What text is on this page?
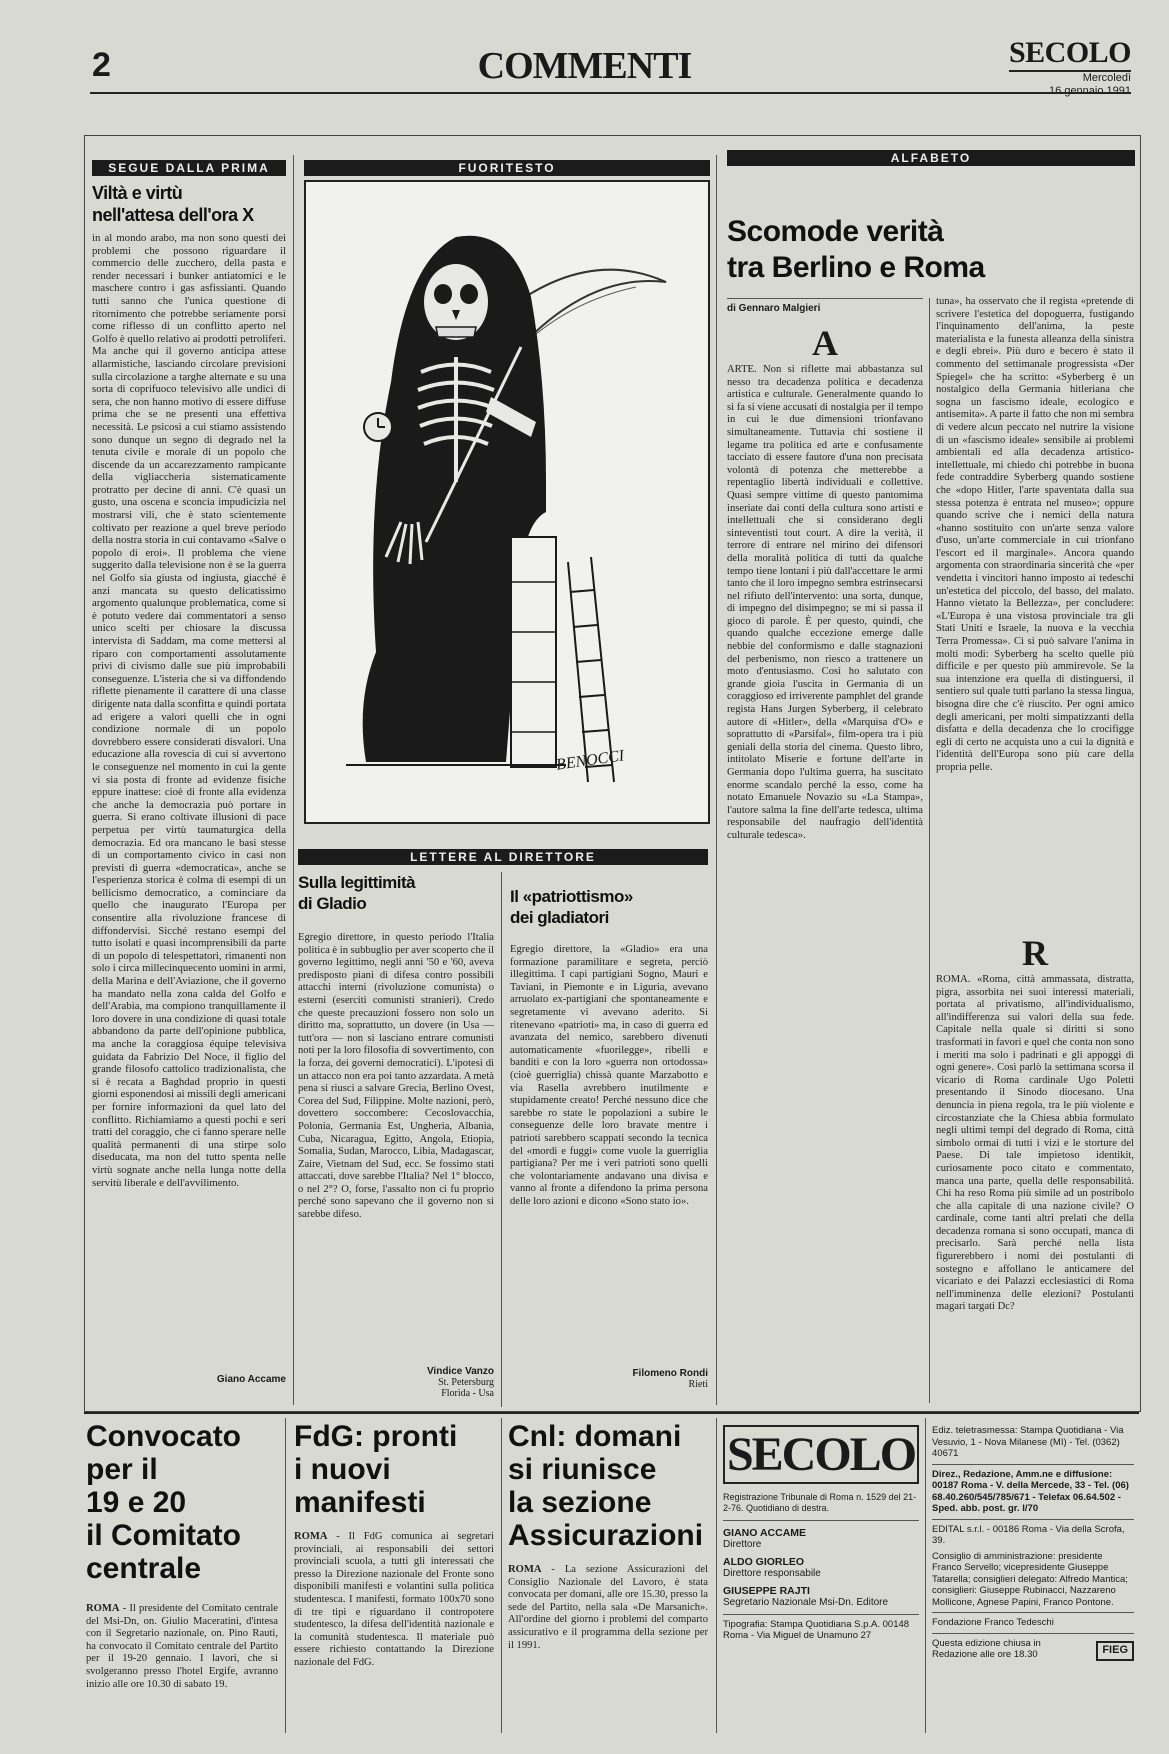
2	COMMENTI	SECOLO
Mercoledì
16 gennaio 1991
SEGUE DALLA PRIMA
Viltà e virtù
nell'attesa dell'ora X
in al mondo arabo, ma non sono questi dei problemi che possono riguardare il commercio delle zucchero, della pasta e render necessari i bunker antiatomici e le maschere contro i gas asfissianti. Quando tutti sanno che l'unica questione di ritornimento che potrebbe seriamente porsi come riflesso di un conflitto aperto nel Golfo è quello relativo ai prodotti petroliferi. Ma anche qui il governo anticipa attese allarmistiche, lasciando circolare previsioni sulla circolazione a targhe alternate e su una sorta di coprifuoco televisivo alle undici di sera, che non hanno motivo di essere diffuse prima che se ne presenti una effettiva necessità. Le psicosi a cui stiamo assistendo sono dunque un segno di degrado nel la tenuta civile e morale di un popolo che discende da un accarezzamento rampicante della vigliaccheria sistematicamente protratto per decine di anni. C'è quasi un gusto, una oscena e sconcia impudicizia nel mostrarsi vili, che è stato scientemente coltivato per reazione a quel breve periodo della nostra storia in cui contavamo «Salve o popolo di eroi». Il problema che viene suggerito dalla televisione non è se la guerra nel Golfo sia giusta od ingiusta, giacché è anzi mancata su questo delicatissimo argomento qualunque problematica, come si è potuto vedere dai commentatori a senso unico scelti per chiosare la discussa intervista di Saddam, ma come mettersi al riparo con comportamenti assolutamente privi di civismo dalle sue più improbabili conseguenze. L'isteria che si va diffondendo riflette pienamente il carattere di una classe dirigente nata dalla sconfitta e quindi portata ad erigere a valori quelli che in ogni condizione normale di un popolo dovrebbero essere considerati disvalori. Una educazione alla rovescia di cui si avvertono le conseguenze nel momento in cui la gente vi sia posta di fronte ad evidenze fisiche eppure inattese: cioè di fronte alla evidenza che anche la democrazia può portare in guerra. Si erano coltivate illusioni di pace perpetua per virtù taumaturgica della democrazia. Ed ora mancano le basi stesse di un comportamento civico in casi non previsti di guerra «democratica», anche se l'esperienza storica è colma di esempi di un bellicismo democratico, a cominciare da quello che inaugurato l'Europa per consentire alla rivoluzione francese di diffondervisi. Sicché restano esempi del tutto isolati e quasi incomprensibili da parte di un popolo di telespettatori, rimanenti non solo i circa millecinquecento uomini in armi, della Marina e dell'Aviazione, che il governo ha mandato nella zona calda del Golfo e dell'Arabia, ma compiono tranquillamente il loro dovere in una condizione di quasi totale abbandono da parte dell'opinione pubblica, ma anche la coraggiosa équipe televisiva guidata da Fabrizio Del Noce, il figlio del grande filosofo cattolico tradizionalista, che si è recata a Baghdad proprio in questi giorni esponendosi ai missili degli americani per fornire informazioni da quel lato del conflitto. Richiamiamo a questi pochi e seri tratti del coraggio, che ci fanno sperare nelle qualità permanenti di una stirpe solo diseducata, ma non del tutto spenta nelle virtù sognate anche nella lunga notte della servitù liberale e dell'avvilimento.
Giano Accame
FUORITESTO
BENOCCI
LETTERE AL DIRETTORE
Sulla legittimità
di Gladio
Egregio direttore, in questo periodo l'Italia politica è in subbuglio per aver scoperto che il governo legittimo, negli anni '50 e '60, aveva predisposto piani di difesa contro possibili attacchi interni (rivoluzione comunista) o esterni (eserciti comunisti stranieri). Credo che queste precauzioni fossero non solo un diritto ma, soprattutto, un dovere (in Usa — tutt'ora — non si lasciano entrare comunisti noti per la loro filosofia di sovvertimento, con la forza, dei governi democratici). L'ipotesi di un attacco non era poi tanto azzardata. A metà pena si riuscì a salvare Grecia, Berlino Ovest, Corea del Sud, Filippine. Molte nazioni, però, dovettero soccombere: Cecoslovacchia, Polonia, Germania Est, Ungheria, Albania, Cuba, Nicaragua, Egitto, Angola, Etiopia, Somalia, Sudan, Marocco, Libia, Madagascar, Zaire, Vietnam del Sud, ecc. Se fossimo stati attaccati, dove sarebbe l'Italia? Nel 1° blocco, o nel 2°? O, forse, l'assalto non ci fu proprio perché sono sapevano che il governo non si sarebbe difeso.
Vindice Vanzo
St. Petersburg
Florida - Usa
Il «patriottismo»
dei gladiatori
Egregio direttore, la «Gladio» era una formazione paramilitare e segreta, perciò illegittima. I capi partigiani Sogno, Mauri e Taviani, in Piemonte e in Liguria, avevano arruolato ex-partigiani che spontaneamente e segretamente vi avevano aderito. Si ritenevano «patrioti» ma, in caso di guerra ed avanzata del nemico, sarebbero divenuti automaticamente «fuorilegge», ribelli e banditi e con la loro «guerra non ortodossa» (cioè guerriglia) chissà quante Marzabotto e via Rasella avrebbero inutilmente e stupidamente creato! Perché nessuno dice che sarebbe ro state le popolazioni a subire le conseguenze delle loro bravate mentre i patrioti sarebbero scappati secondo la tecnica del «mordi e fuggi» come vuole la guerriglia partigiana? Per me i veri patrioti sono quelli che volontariamente andavano una divisa e vanno al fronte a difendono la prima persona delle loro azioni e dicono «Sono stato io».
Filomeno Rondi
Rieti
ALFABETO
Scomode verità
tra Berlino e Roma
di Gennaro Malgieri
A
ARTE. Non si riflette mai abbastanza sul nesso tra decadenza politica e decadenza artistica e culturale. Generalmente quando lo si fa si viene accusati di nostalgia per il tempo in cui le due dimensioni trionfavano simultaneamente. Tuttavia chi sostiene il legame tra politica ed arte e confusamente tacciato di essere fautore d'una non precisata volontà di potenza che metterebbe a repentaglio libertà individuali e collettive. Quasi sempre vittime di questo pantomima inseriate dai conti della cultura sono artisti e intellettuali che si considerano degli sinteventisti tout court. A dire la verità, il terrore di entrare nel mirino dei difensori della moralità politica di tutti da qualche tempo tiene lontani i più dall'accettare le armi tanto che il loro impegno sembra estrinsecarsi nel rifiuto dell'intervento: una sorta, dunque, di impegno del disimpegno; se mi si passa il gioco di parole. È per questo, quindi, che quando qualche eccezione emerge dalle nebbie del conformismo e dalle stagnazioni del perbenismo, non riesco a trattenere un moto d'entusiasmo. Così ho salutato con grande gioia l'uscita in Germania di un coraggioso ed irriverente pamphlet del grande regista Hans Jurgen Syberberg, il celebrato autore di «Hitler», della «Marquisa d'O» e soprattutto di «Parsifal», film-opera tra i più geniali della storia del cinema. Questo libro, intitolato Miserie e fortune dell'arte in Germania dopo l'ultima guerra, ha suscitato enorme scandalo perché la esso, come ha notato Emanuele Novazio su «La Stampa», l'autore salma la fine dell'arte tedesca, ultima responsabile del naufragio dell'identità culturale tedesca».
tuna», ha osservato che il regista «pretende di scrivere l'estetica del dopoguerra, fustigando l'inquinamento dell'anima, la peste materialista e la funesta alleanza della sinistra e degli ebrei». Più duro e becero è stato il commento del settimanale progressista «Der Spiegel» che ha scritto: «Syberberg è un nostalgico della Germania hitleriana che sogna un fascismo ideale, ecologico e antisemita». A parte il fatto che non mi sembra di vedere alcun peccato nel nutrire la visione di un «fascismo ideale» sensibile ai problemi ambientali ed alla decadenza artistico-intellettuale, mi chiedo chi potrebbe in buona fede contraddire Syberberg quando sostiene che «dopo Hitler, l'arte spaventata dalla sua stessa potenza è entrata nel museo»; oppure quando scrive che i nemici della natura «hanno sostituito con un'arte senza valore d'uso, un'arte commerciale in cui trionfano l'escort ed il marginale». Ancora quando argomenta con straordinaria sincerità che «per vendetta i vincitori hanno imposto ai tedeschi un'estetica del piccolo, del basso, del malato. Hanno vietato la Bellezza», per concludere: «L'Europa è una vistosa provinciale tra gli Stati Uniti e Israele, la nuova e la vecchia Terra Promessa». Ci si può salvare l'anima in molti modi: Syberberg ha scelto quelle più difficile e per questo più ammirevole. Se la sua intenzione era quella di distinguersi, il sentiero sul quale tutti parlano la stessa lingua, bisogna dire che c'è riuscito. Per ogni amico degli americani, per molti simpatizzanti della disfatta e della decadenza che lo crocifigge egli di certo ne acquista uno a cui la dignità e l'identità dell'Europa sono più care della propria pelle.
R
ROMA. «Roma, città ammassata, distratta, pigra, assorbita nei suoi interessi materiali, portata al privatismo, all'individualismo, all'indifferenza sui valori della sua fede. Capitale nella quale si diritti si sono trasformati in favori e quel che conta non sono i meriti ma solo i padrinati e gli appoggi di ogni genere». Così parlò la settimana scorsa il vicario di Roma cardinale Ugo Poletti presentando il Sinodo diocesano. Una denuncia in piena regola, tra le più violente e circostanziate che la Chiesa abbia formulato negli ultimi tempi del degrado di Roma, città simbolo ormai di tutti i vizi e le storture del Paese. Di tale impietoso identikit, curiosamente poco citato e commentato, manca una parte, quella delle responsabilità. Chi ha reso Roma più simile ad un postribolo che alla capitale di una nazione civile? O cardinale, come tanti altri prelati che della decadenza romana si sono occupati, manca di precisarlo. Sarà perché nella lista figurerebbero i nomi dei postulanti di sostegno e affollano le anticamere del vicariato e dei Palazzi ecclesiastici di Roma nell'imminenza delle elezioni? Postulanti magari targati Dc?
Convocato
per il
19 e 20
il Comitato
centrale
ROMA - Il presidente del Comitato centrale del Msi-Dn, on. Giulio Maceratini, d'intesa con il Segretario nazionale, on. Pino Rauti, ha convocato il Comitato centrale del Partito per il 19-20 gennaio. I lavori, che si svolgeranno presso l'hotel Ergife, avranno inizio alle ore 10.30 di sabato 19.
FdG: pronti
i nuovi
manifesti
ROMA - Il FdG comunica ai segretari provinciali, ai responsabili dei settori provinciali scuola, a tutti gli interessati che presso la Direzione nazionale del Fronte sono disponibili manifesti e volantini sulla politica studentesca. I manifesti, formato 100x70 sono di tre tipi e riguardano il contropotere studentesco, la difesa dell'identità nazionale e la comunità studentesca. Il materiale può essere richiesto contattando la Direzione nazionale del FdG.
Cnl: domani
si riunisce
la sezione
Assicurazioni
ROMA - La sezione Assicurazioni del Consiglio Nazionale del Lavoro, è stata convocata per domani, alle ore 15.30, presso la sede del Partito, nella sala «De Marsanich». All'ordine del giorno i problemi del comparto assicurativo e il programma della sezione per il 1991.
SECOLO
Registrazione Tribunale di Roma n. 1529 del 21-2-76. Quotidiano di destra.
GIANO ACCAME
Direttore
ALDO GIORLEO
Direttore responsabile
GIUSEPPE RAJTI
Segretario Nazionale Msi-Dn. Editore
Tipografia: Stampa Quotidiana S.p.A. 00148 Roma - Via Miguel de Unamuno 27
Ediz. teletrasmessa: Stampa Quotidiana - Via Vesuvio, 1 - Nova Milanese (MI) - Tel. (0362) 40671
Direz., Redazione, Amm.ne e diffusione: 00187 Roma - V. della Mercede, 33 - Tel. (06) 68.40.260/545/785/671 - Telefax 06.64.502 - Sped. abb. post. gr. I/70
EDITAL s.r.l. - 00186 Roma - Via della Scrofa, 39.
Consiglio di amministrazione: presidente Franco Servello; vicepresidente Giuseppe Tatarella; consiglieri delegato: Alfredo Mantica; consiglieri: Giuseppe Rubinacci, Nazzareno Mollicone, Agnese Papini, Franco Pontone.
Fondazione Franco Tedeschi
Questa edizione chiusa in Redazione alle ore 18.30	FIEG
